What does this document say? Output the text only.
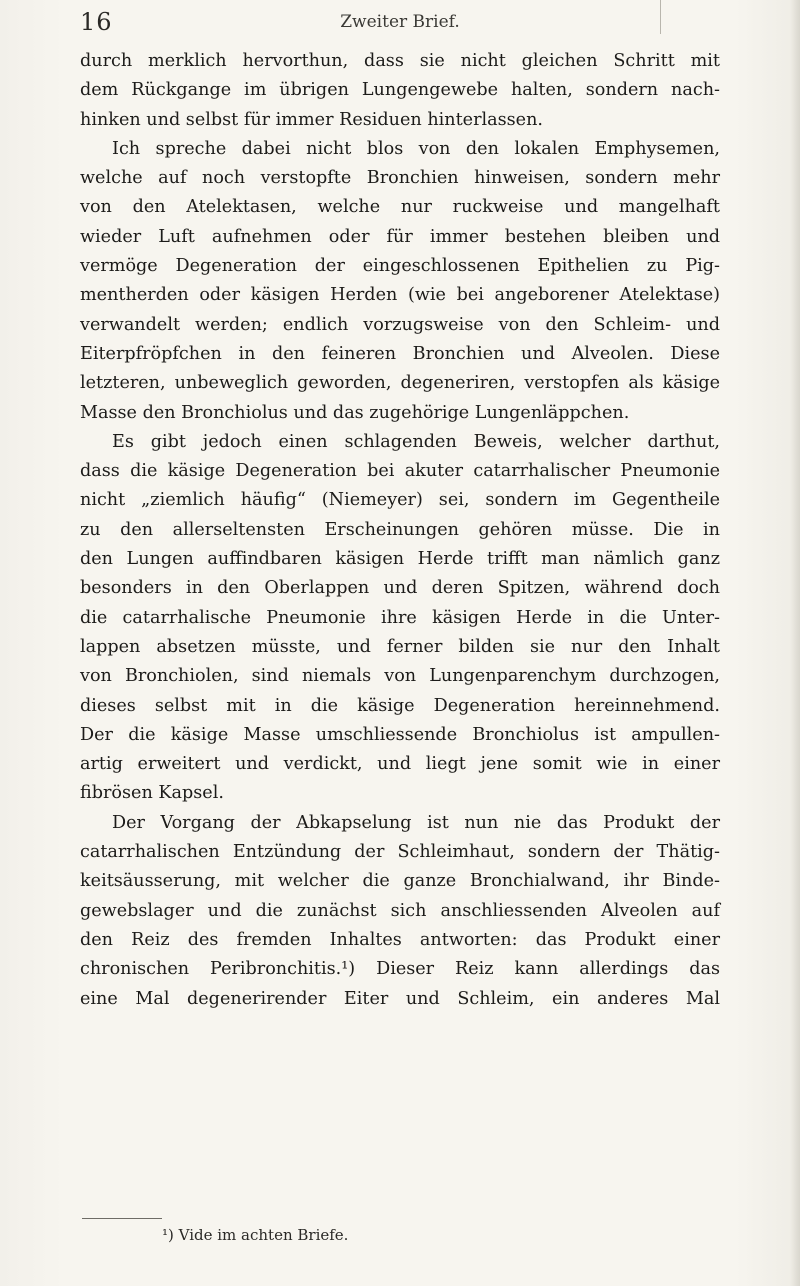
16	Zweiter Brief.
durch merklich hervorthun, dass sie nicht gleichen Schritt mit
dem Rückgange im übrigen Lungengewebe halten, sondern nach-
hinken und selbst für immer Residuen hinterlassen.
Ich spreche dabei nicht blos von den lokalen Emphysemen,
welche auf noch verstopfte Bronchien hinweisen, sondern mehr
von den Atelektasen, welche nur ruckweise und mangelhaft
wieder Luft aufnehmen oder für immer bestehen bleiben und
vermöge Degeneration der eingeschlossenen Epithelien zu Pig-
mentherden oder käsigen Herden (wie bei angeborener Atelektase)
verwandelt werden; endlich vorzugsweise von den Schleim- und
Eiterpfröpfchen in den feineren Bronchien und Alveolen. Diese
letzteren, unbeweglich geworden, degeneriren, verstopfen als käsige
Masse den Bronchiolus und das zugehörige Lungenläppchen.
Es gibt jedoch einen schlagenden Beweis, welcher darthut,
dass die käsige Degeneration bei akuter catarrhalischer Pneumonie
nicht „ziemlich häufig“ (Niemeyer) sei, sondern im Gegentheile
zu den allerseltensten Erscheinungen gehören müsse. Die in
den Lungen auffindbaren käsigen Herde trifft man nämlich ganz
besonders in den Oberlappen und deren Spitzen, während doch
die catarrhalische Pneumonie ihre käsigen Herde in die Unter-
lappen absetzen müsste, und ferner bilden sie nur den Inhalt
von Bronchiolen, sind niemals von Lungenparenchym durchzogen,
dieses selbst mit in die käsige Degeneration hereinnehmend.
Der die käsige Masse umschliessende Bronchiolus ist ampullen-
artig erweitert und verdickt, und liegt jene somit wie in einer
fibrösen Kapsel.
Der Vorgang der Abkapselung ist nun nie das Produkt der
catarrhalischen Entzündung der Schleimhaut, sondern der Thätig-
keitsäusserung, mit welcher die ganze Bronchialwand, ihr Binde-
gewebslager und die zunächst sich anschliessenden Alveolen auf
den Reiz des fremden Inhaltes antworten: das Produkt einer
chronischen Peribronchitis.¹) Dieser Reiz kann allerdings das
eine Mal degenerirender Eiter und Schleim, ein anderes Mal
¹) Vide im achten Briefe.
